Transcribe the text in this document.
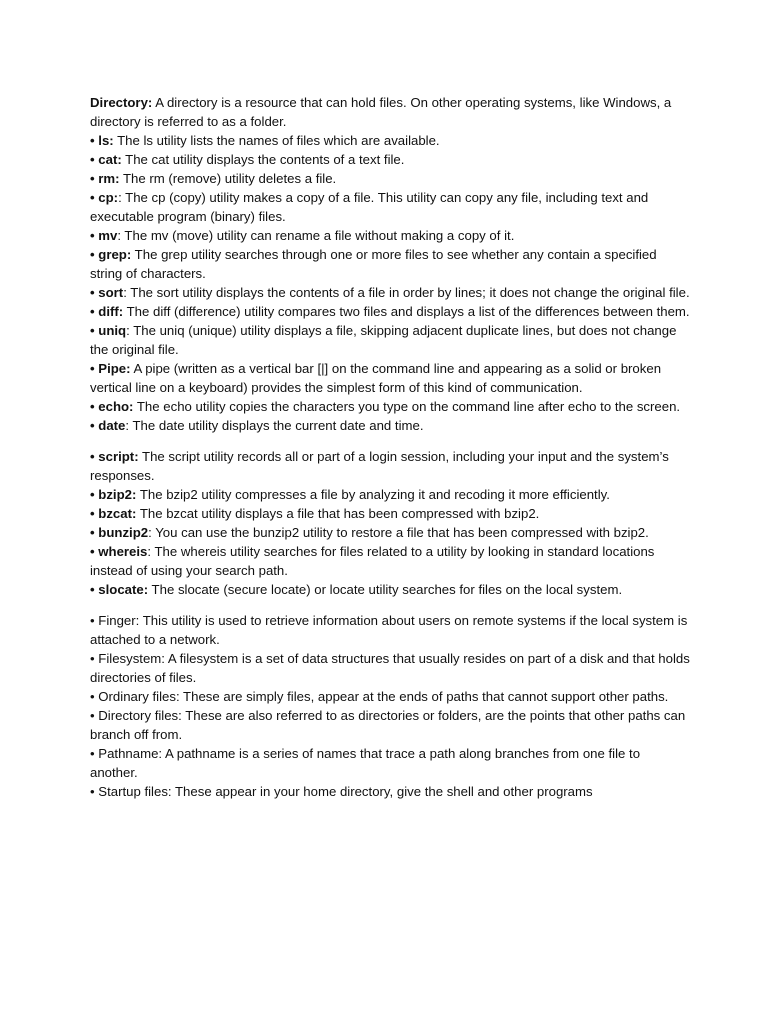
Directory: A directory is a resource that can hold files. On other operating systems, like Windows, a directory is referred to as a folder.

• ls: The ls utility lists the names of files which are available.

• cat: The cat utility displays the contents of a text file.

• rm: The rm (remove) utility deletes a file.

• cp:: The cp (copy) utility makes a copy of a file. This utility can copy any file, including text and executable program (binary) files.

• mv: The mv (move) utility can rename a file without making a copy of it.

• grep: The grep utility searches through one or more files to see whether any contain a specified string of characters.

• sort: The sort utility displays the contents of a file in order by lines; it does not change the original file.

• diff: The diff (difference) utility compares two files and displays a list of the differences between them.

• uniq: The uniq (unique) utility displays a file, skipping adjacent duplicate lines, but does not change the original file.

• Pipe: A pipe (written as a vertical bar [|] on the command line and appearing as a solid or broken vertical line on a keyboard) provides the simplest form of this kind of communication.

• echo: The echo utility copies the characters you type on the command line after echo to the screen.

• date: The date utility displays the current date and time.

• script: The script utility records all or part of a login session, including your input and the system’s responses.

• bzip2: The bzip2 utility compresses a file by analyzing it and recoding it more efficiently.

• bzcat: The bzcat utility displays a file that has been compressed with bzip2.

• bunzip2: You can use the bunzip2 utility to restore a file that has been compressed with bzip2.

• whereis: The whereis utility searches for files related to a utility by looking in standard locations instead of using your search path.

• slocate: The slocate (secure locate) or locate utility searches for files on the local system.

• Finger: This utility is used to retrieve information about users on remote systems if the local system is attached to a network.

• Filesystem: A filesystem is a set of data structures that usually resides on part of a disk and that holds directories of files.

• Ordinary files: These are simply files, appear at the ends of paths that cannot support other paths.

• Directory files: These are also referred to as directories or folders, are the points that other paths can branch off from.

• Pathname: A pathname is a series of names that trace a path along branches from one file to another.

• Startup files: These appear in your home directory, give the shell and other programs
